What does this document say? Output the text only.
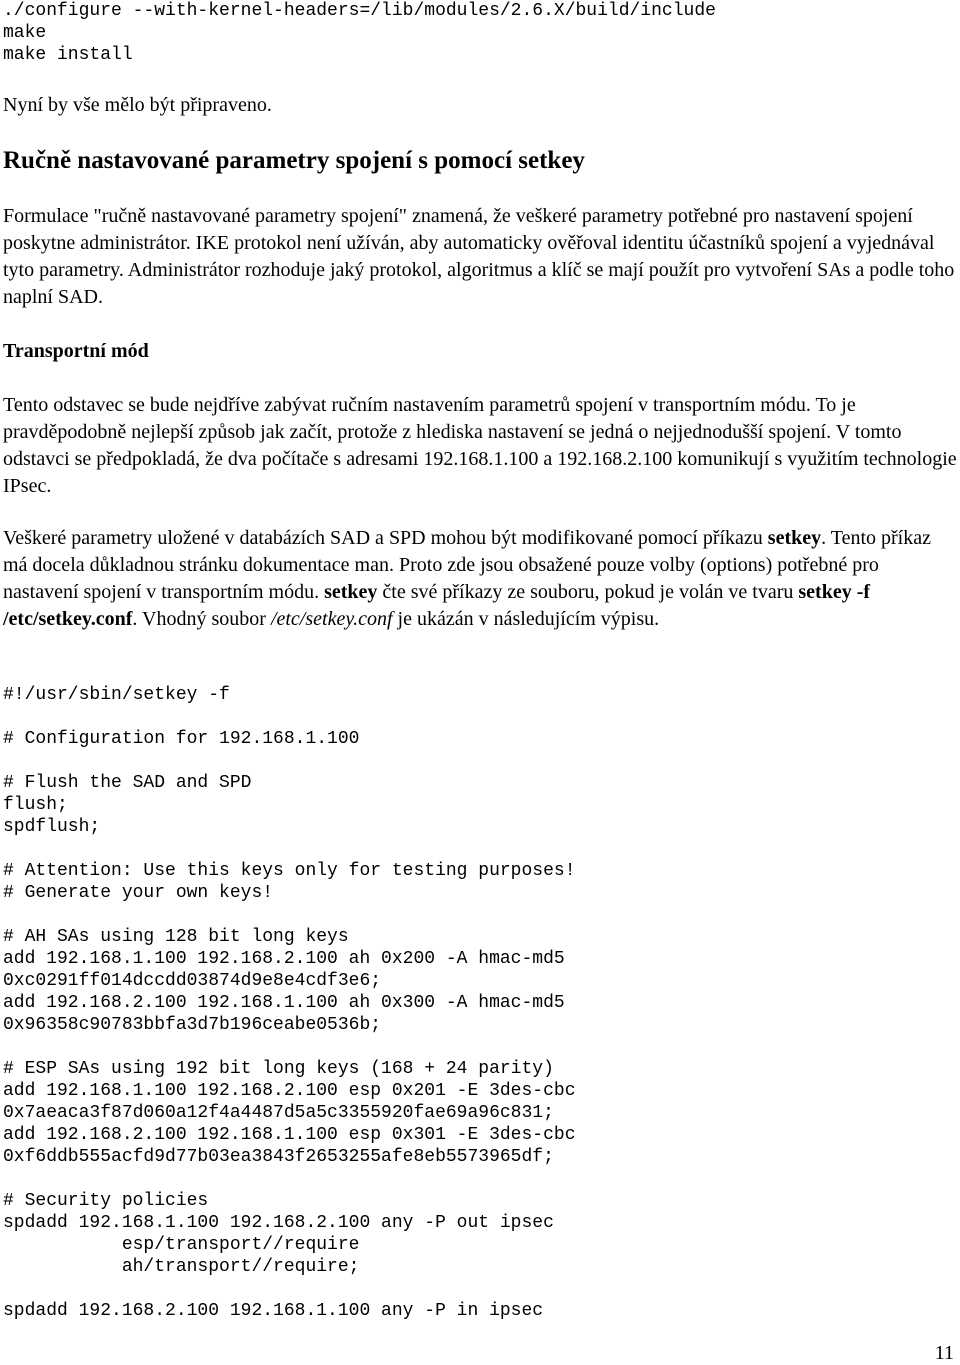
./configure --with-kernel-headers=/lib/modules/2.6.X/build/include
make
make install

Nyní by vše mělo být připraveno.

Ručně nastavované parametry spojení s pomocí setkey

Formulace "ručně nastavované parametry spojení" znamená, že veškeré parametry potřebné pro nastavení spojení poskytne administrátor. IKE protokol není užíván, aby automaticky ověřoval identitu účastníků spojení a vyjednával tyto parametry. Administrátor rozhoduje jaký protokol, algoritmus a klíč se mají použít pro vytvoření SAs a podle toho naplní SAD.

Transportní mód

Tento odstavec se bude nejdříve zabývat ručním nastavením parametrů spojení v transportním módu. To je pravděpodobně nejlepší způsob jak začít, protože z hlediska nastavení se jedná o nejjednodušší spojení. V tomto odstavci se předpokladá, že dva počítače s adresami 192.168.1.100 a 192.168.2.100 komunikují s využitím technologie IPsec.

Veškeré parametry uložené v databázích SAD a SPD mohou být modifikované pomocí příkazu setkey. Tento příkaz má docela důkladnou stránku dokumentace man. Proto zde jsou obsažené pouze volby (options) potřebné pro nastavení spojení v transportním módu. setkey čte své příkazy ze souboru, pokud je volán ve tvaru setkey -f /etc/setkey.conf. Vhodný soubor /etc/setkey.conf je ukázán v následujícím výpisu.

#!/usr/sbin/setkey -f
# Configuration for 192.168.1.100
# Flush the SAD and SPD
flush;
spdflush;
# Attention: Use this keys only for testing purposes!
# Generate your own keys!
# AH SAs using 128 bit long keys
add 192.168.1.100 192.168.2.100 ah 0x200 -A hmac-md5
0xc0291ff014dccdd03874d9e8e4cdf3e6;
add 192.168.2.100 192.168.1.100 ah 0x300 -A hmac-md5
0x96358c90783bbfa3d7b196ceabe0536b;
# ESP SAs using 192 bit long keys (168 + 24 parity)
add 192.168.1.100 192.168.2.100 esp 0x201 -E 3des-cbc
0x7aeaca3f87d060a12f4a4487d5a5c3355920fae69a96c831;
add 192.168.2.100 192.168.1.100 esp 0x301 -E 3des-cbc
0xf6ddb555acfd9d77b03ea3843f2653255afe8eb5573965df;
# Security policies
spdadd 192.168.1.100 192.168.2.100 any -P out ipsec
esp/transport//require
ah/transport//require;
spdadd 192.168.2.100 192.168.1.100 any -P in ipsec
11
